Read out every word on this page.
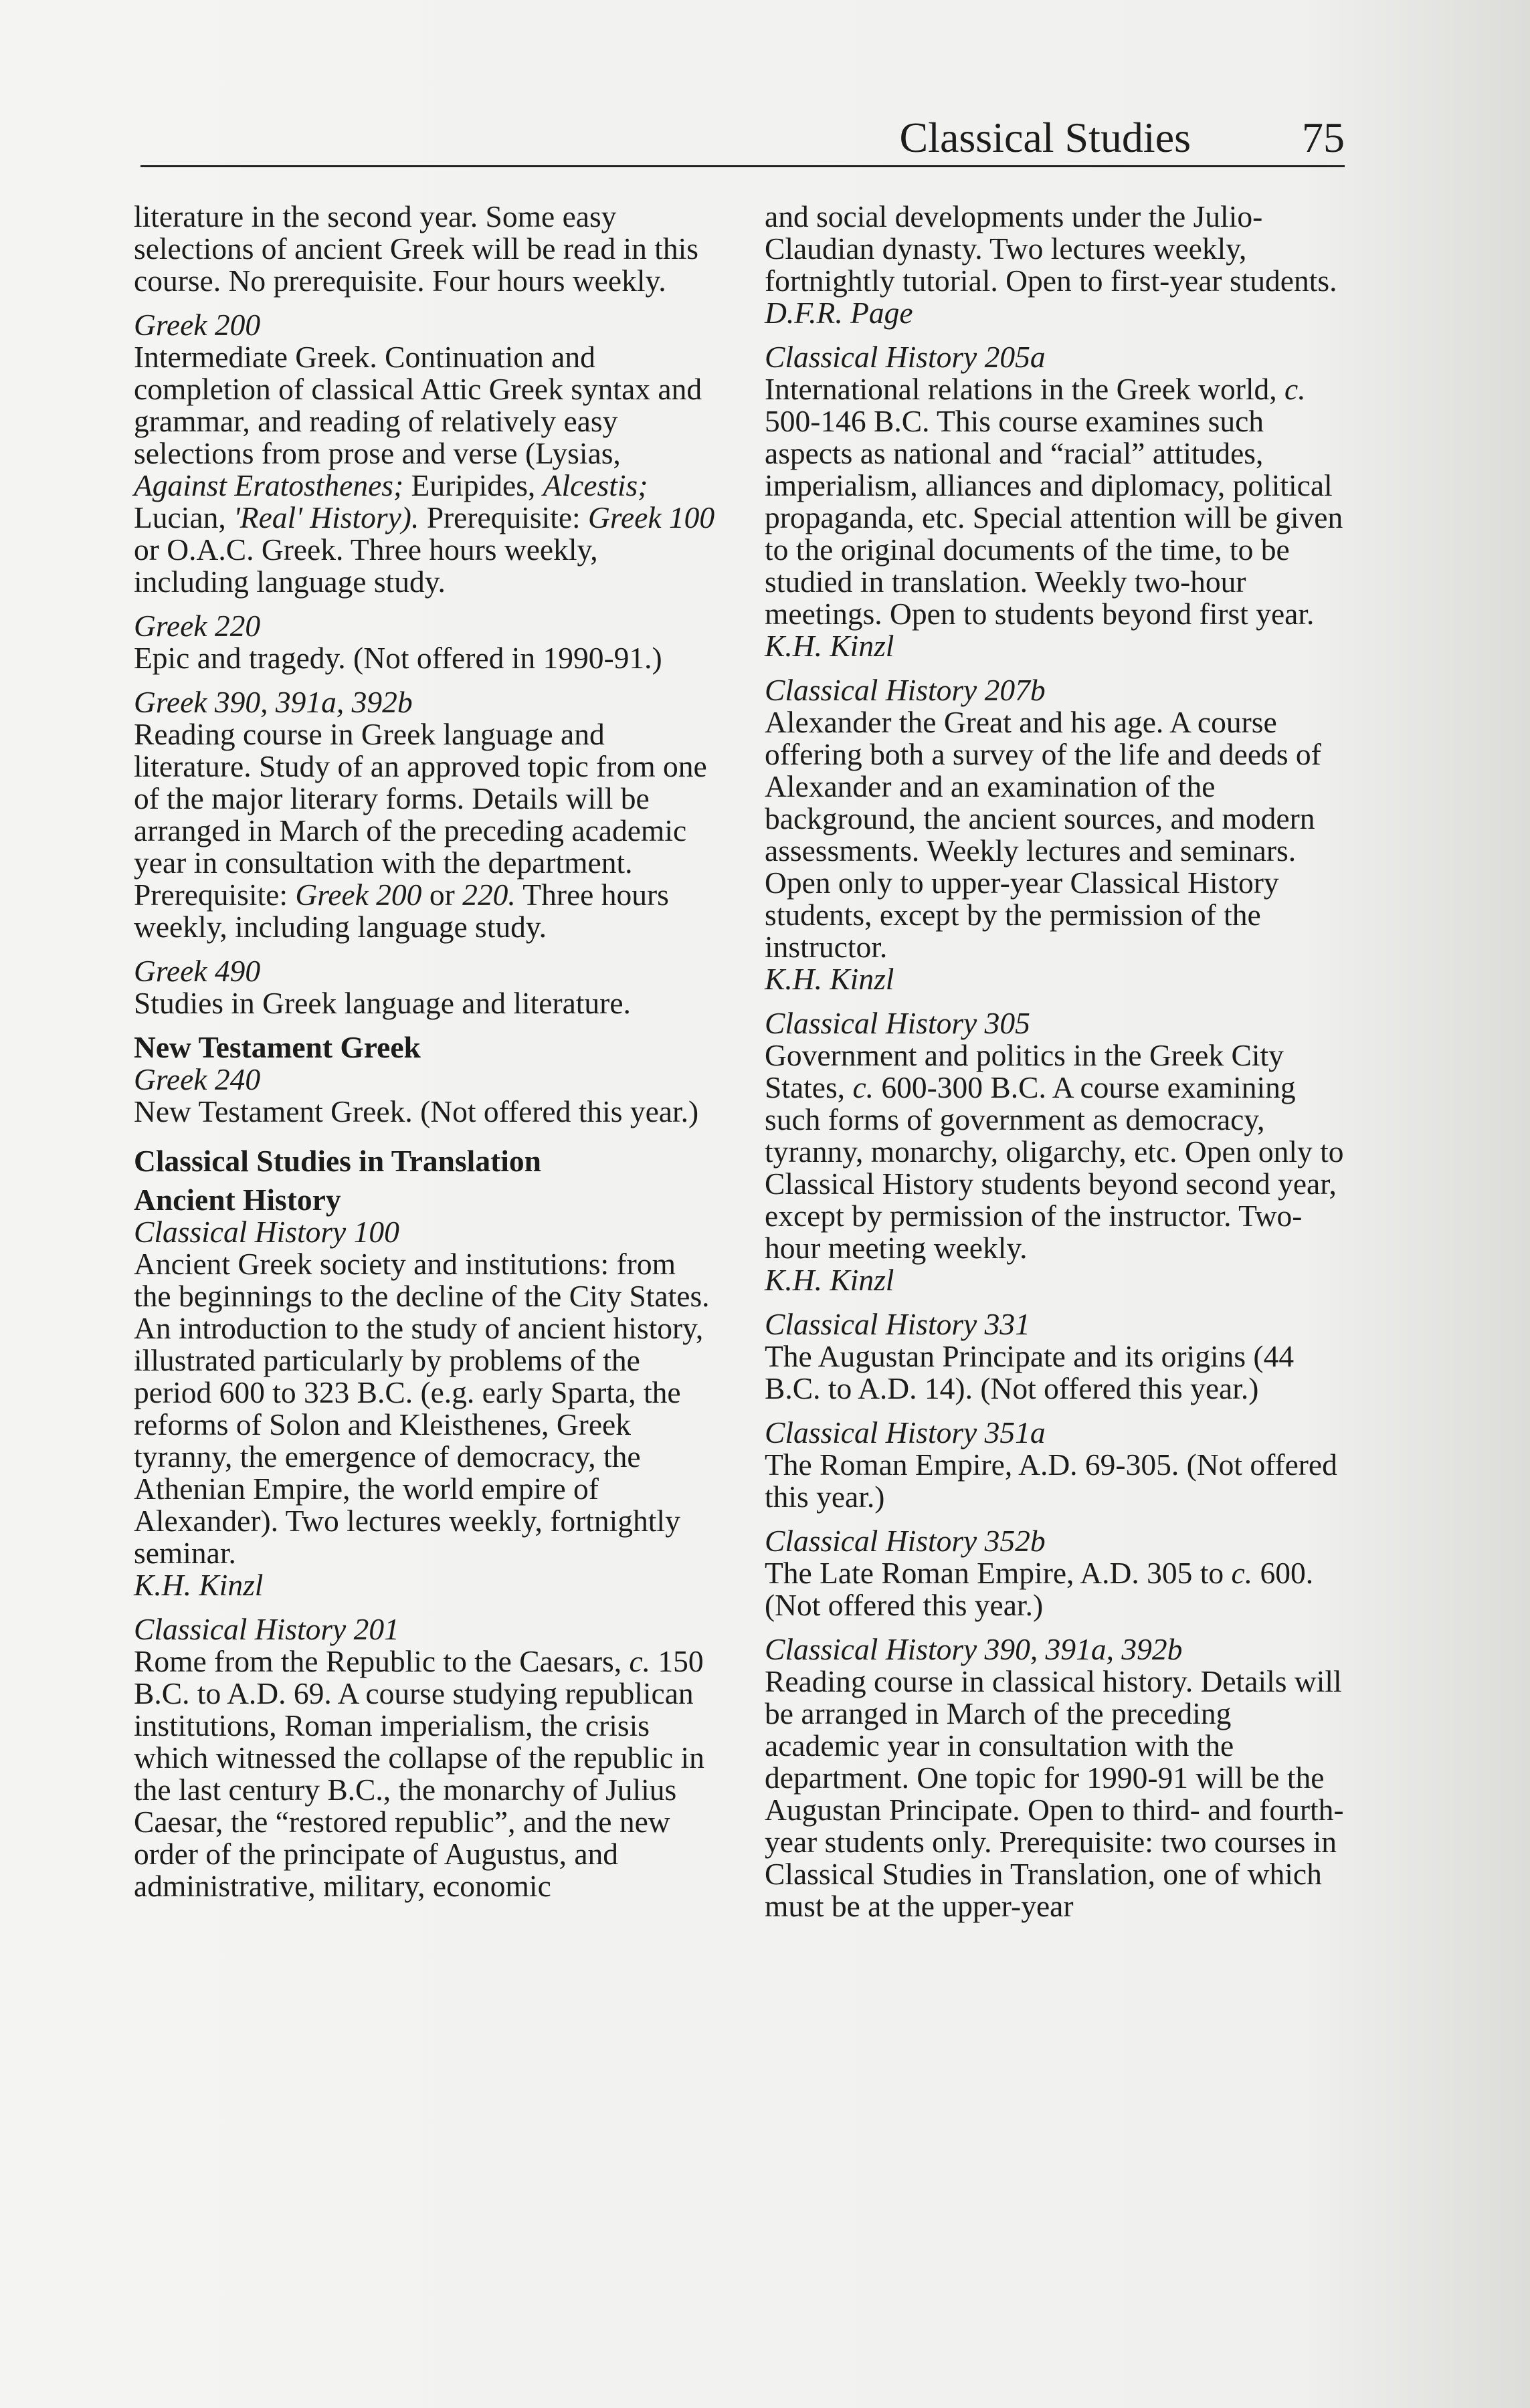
Classical Studies	75

literature in the second year. Some easy selections of ancient Greek will be read in this course. No prerequisite. Four hours weekly.

Greek 200

Intermediate Greek. Continuation and completion of classical Attic Greek syntax and grammar, and reading of relatively easy selections from prose and verse (Lysias, Against Eratosthenes; Euripides, Alcestis; Lucian, 'Real' History). Prerequisite: Greek 100 or O.A.C. Greek. Three hours weekly, including language study.

Greek 220

Epic and tragedy. (Not offered in 1990-91.)

Greek 390, 391a, 392b

Reading course in Greek language and literature. Study of an approved topic from one of the major literary forms. Details will be arranged in March of the preceding academic year in consultation with the department. Prerequisite: Greek 200 or 220. Three hours weekly, including language study.

Greek 490

Studies in Greek language and literature.

New Testament Greek

Greek 240

New Testament Greek. (Not offered this year.)

Classical Studies in Translation

Ancient History

Classical History 100

Ancient Greek society and institutions: from the beginnings to the decline of the City States. An introduction to the study of ancient history, illustrated particularly by problems of the period 600 to 323 B.C. (e.g. early Sparta, the reforms of Solon and Kleisthenes, Greek tyranny, the emergence of democracy, the Athenian Empire, the world empire of Alexander). Two lectures weekly, fortnightly seminar.

K.H. Kinzl

Classical History 201

Rome from the Republic to the Caesars, c. 150 B.C. to A.D. 69. A course studying republican institutions, Roman imperialism, the crisis which witnessed the collapse of the republic in the last century B.C., the monarchy of Julius Caesar, the “restored republic”, and the new order of the principate of Augustus, and administrative, military, economic

and social developments under the Julio-Claudian dynasty. Two lectures weekly, fortnightly tutorial. Open to first-year students.

D.F.R. Page

Classical History 205a

International relations in the Greek world, c. 500-146 B.C. This course examines such aspects as national and “racial” attitudes, imperialism, alliances and diplomacy, political propaganda, etc. Special attention will be given to the original documents of the time, to be studied in translation. Weekly two-hour meetings. Open to students beyond first year.

K.H. Kinzl

Classical History 207b

Alexander the Great and his age. A course offering both a survey of the life and deeds of Alexander and an examination of the background, the ancient sources, and modern assessments. Weekly lectures and seminars. Open only to upper-year Classical History students, except by the permission of the instructor.

K.H. Kinzl

Classical History 305

Government and politics in the Greek City States, c. 600-300 B.C. A course examining such forms of government as democracy, tyranny, monarchy, oligarchy, etc. Open only to Classical History students beyond second year, except by permission of the instructor. Two-hour meeting weekly.

K.H. Kinzl

Classical History 331

The Augustan Principate and its origins (44 B.C. to A.D. 14). (Not offered this year.)

Classical History 351a

The Roman Empire, A.D. 69-305. (Not offered this year.)

Classical History 352b

The Late Roman Empire, A.D. 305 to c. 600. (Not offered this year.)

Classical History 390, 391a, 392b

Reading course in classical history. Details will be arranged in March of the preceding academic year in consultation with the department. One topic for 1990-91 will be the Augustan Principate. Open to third- and fourth-year students only. Prerequisite: two courses in Classical Studies in Translation, one of which must be at the upper-year
